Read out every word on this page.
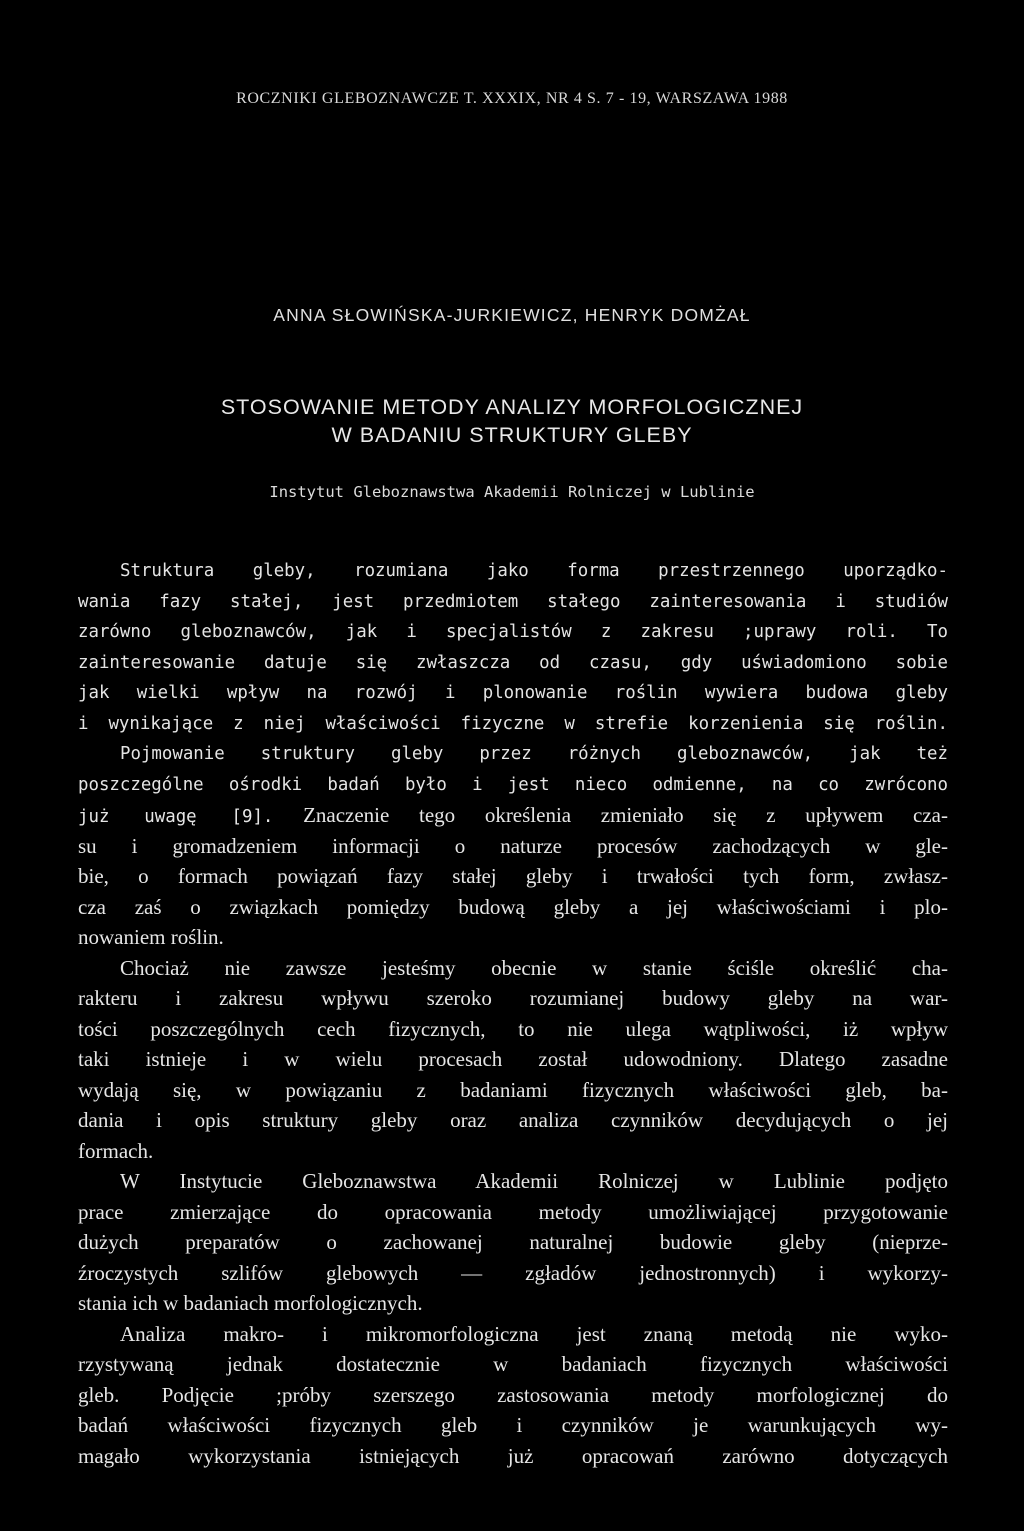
ROCZNIKI GLEBOZNAWCZE T. XXXIX, NR 4 S. 7 - 19, WARSZAWA 1988
ANNA SŁOWIŃSKA-JURKIEWICZ, HENRYK DOMŻAŁ
STOSOWANIE METODY ANALIZY MORFOLOGICZNEJ
W BADANIU STRUKTURY GLEBY
Instytut Gleboznawstwa Akademii Rolniczej w Lublinie
Struktura gleby, rozumiana jako forma przestrzennego uporządko-
wania fazy stałej, jest przedmiotem stałego zainteresowania i studiów
zarówno gleboznawców, jak i specjalistów z zakresu ;uprawy roli. To
zainteresowanie datuje się zwłaszcza od czasu, gdy uświadomiono sobie
jak wielki wpływ na rozwój i plonowanie roślin wywiera budowa gleby
i wynikające z niej właściwości fizyczne w strefie korzenienia się roślin.
Pojmowanie struktury gleby przez różnych gleboznawców, jak też
poszczególne ośrodki badań było i jest nieco odmienne, na co zwrócono
już uwagę [9]. Znaczenie tego określenia zmieniało się z upływem cza-
su i gromadzeniem informacji o naturze procesów zachodzących w gle-
bie, o formach powiązań fazy stałej gleby i trwałości tych form, zwłasz-
cza zaś o związkach pomiędzy budową gleby a jej właściwościami i plo-
nowaniem roślin.
Chociaż nie zawsze jesteśmy obecnie w stanie ściśle określić cha-
rakteru i zakresu wpływu szeroko rozumianej budowy gleby na war-
tości poszczególnych cech fizycznych, to nie ulega wątpliwości, iż wpływ
taki istnieje i w wielu procesach został udowodniony. Dlatego zasadne
wydają się, w powiązaniu z badaniami fizycznych właściwości gleb, ba-
dania i opis struktury gleby oraz analiza czynników decydujących o jej
formach.
W Instytucie Gleboznawstwa Akademii Rolniczej w Lublinie podjęto
prace zmierzające do opracowania metody umożliwiającej przygotowanie
dużych preparatów o zachowanej naturalnej budowie gleby (nieprze-
źroczystych szlifów glebowych — zgładów jednostronnych) i wykorzy-
stania ich w badaniach morfologicznych.
Analiza makro- i mikromorfologiczna jest znaną metodą nie wyko-
rzystywaną jednak dostatecznie w badaniach fizycznych właściwości
gleb. Podjęcie ;próby szerszego zastosowania metody morfologicznej do
badań właściwości fizycznych gleb i czynników je warunkujących wy-
magało wykorzystania istniejących już opracowań zarówno dotyczących
